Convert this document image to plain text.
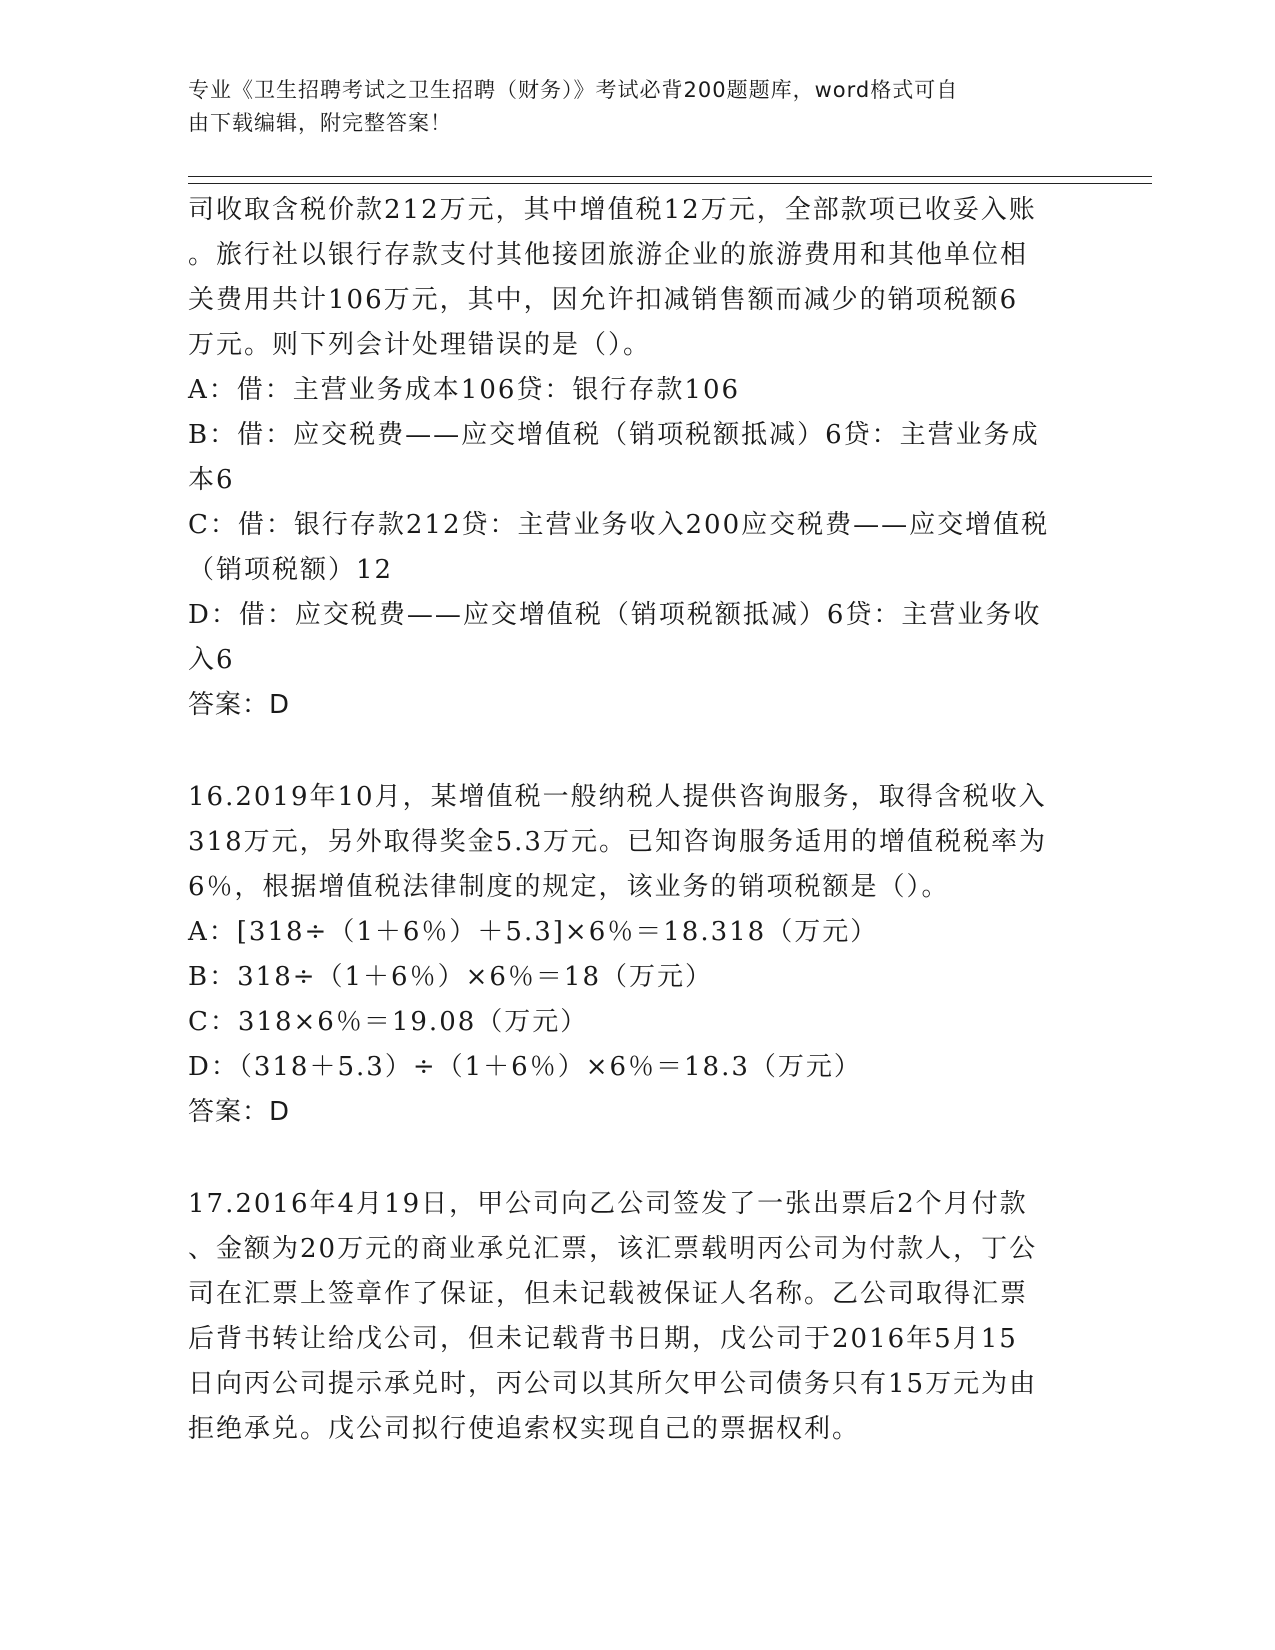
专业《卫生招聘考试之卫生招聘（财务）》考试必背200题题库，word格式可自
由下载编辑，附完整答案！
司收取含税价款212万元，其中增值税12万元，全部款项已收妥入账
。旅行社以银行存款支付其他接团旅游企业的旅游费用和其他单位相
关费用共计106万元，其中，因允许扣减销售额而减少的销项税额6
万元。则下列会计处理错误的是（）。
A：借：主营业务成本106贷：银行存款106
B：借：应交税费——应交增值税（销项税额抵减）6贷：主营业务成
本6
C：借：银行存款212贷：主营业务收入200应交税费——应交增值税
（销项税额）12
D：借：应交税费——应交增值税（销项税额抵减）6贷：主营业务收
入6
答案：D
16.2019年10月，某增值税一般纳税人提供咨询服务，取得含税收入
318万元，另外取得奖金5.3万元。已知咨询服务适用的增值税税率为
6％，根据增值税法律制度的规定，该业务的销项税额是（）。
A：[318÷（1＋6％）＋5.3]×6％＝18.318（万元）
B：318÷（1＋6％）×6％＝18（万元）
C：318×6％＝19.08（万元）
D：（318＋5.3）÷（1＋6％）×6％＝18.3（万元）
答案：D
17.2016年4月19日，甲公司向乙公司签发了一张出票后2个月付款
、金额为20万元的商业承兑汇票，该汇票载明丙公司为付款人，丁公
司在汇票上签章作了保证，但未记载被保证人名称。乙公司取得汇票
后背书转让给戊公司，但未记载背书日期，戊公司于2016年5月15
日向丙公司提示承兑时，丙公司以其所欠甲公司债务只有15万元为由
拒绝承兑。戊公司拟行使追索权实现自己的票据权利。
